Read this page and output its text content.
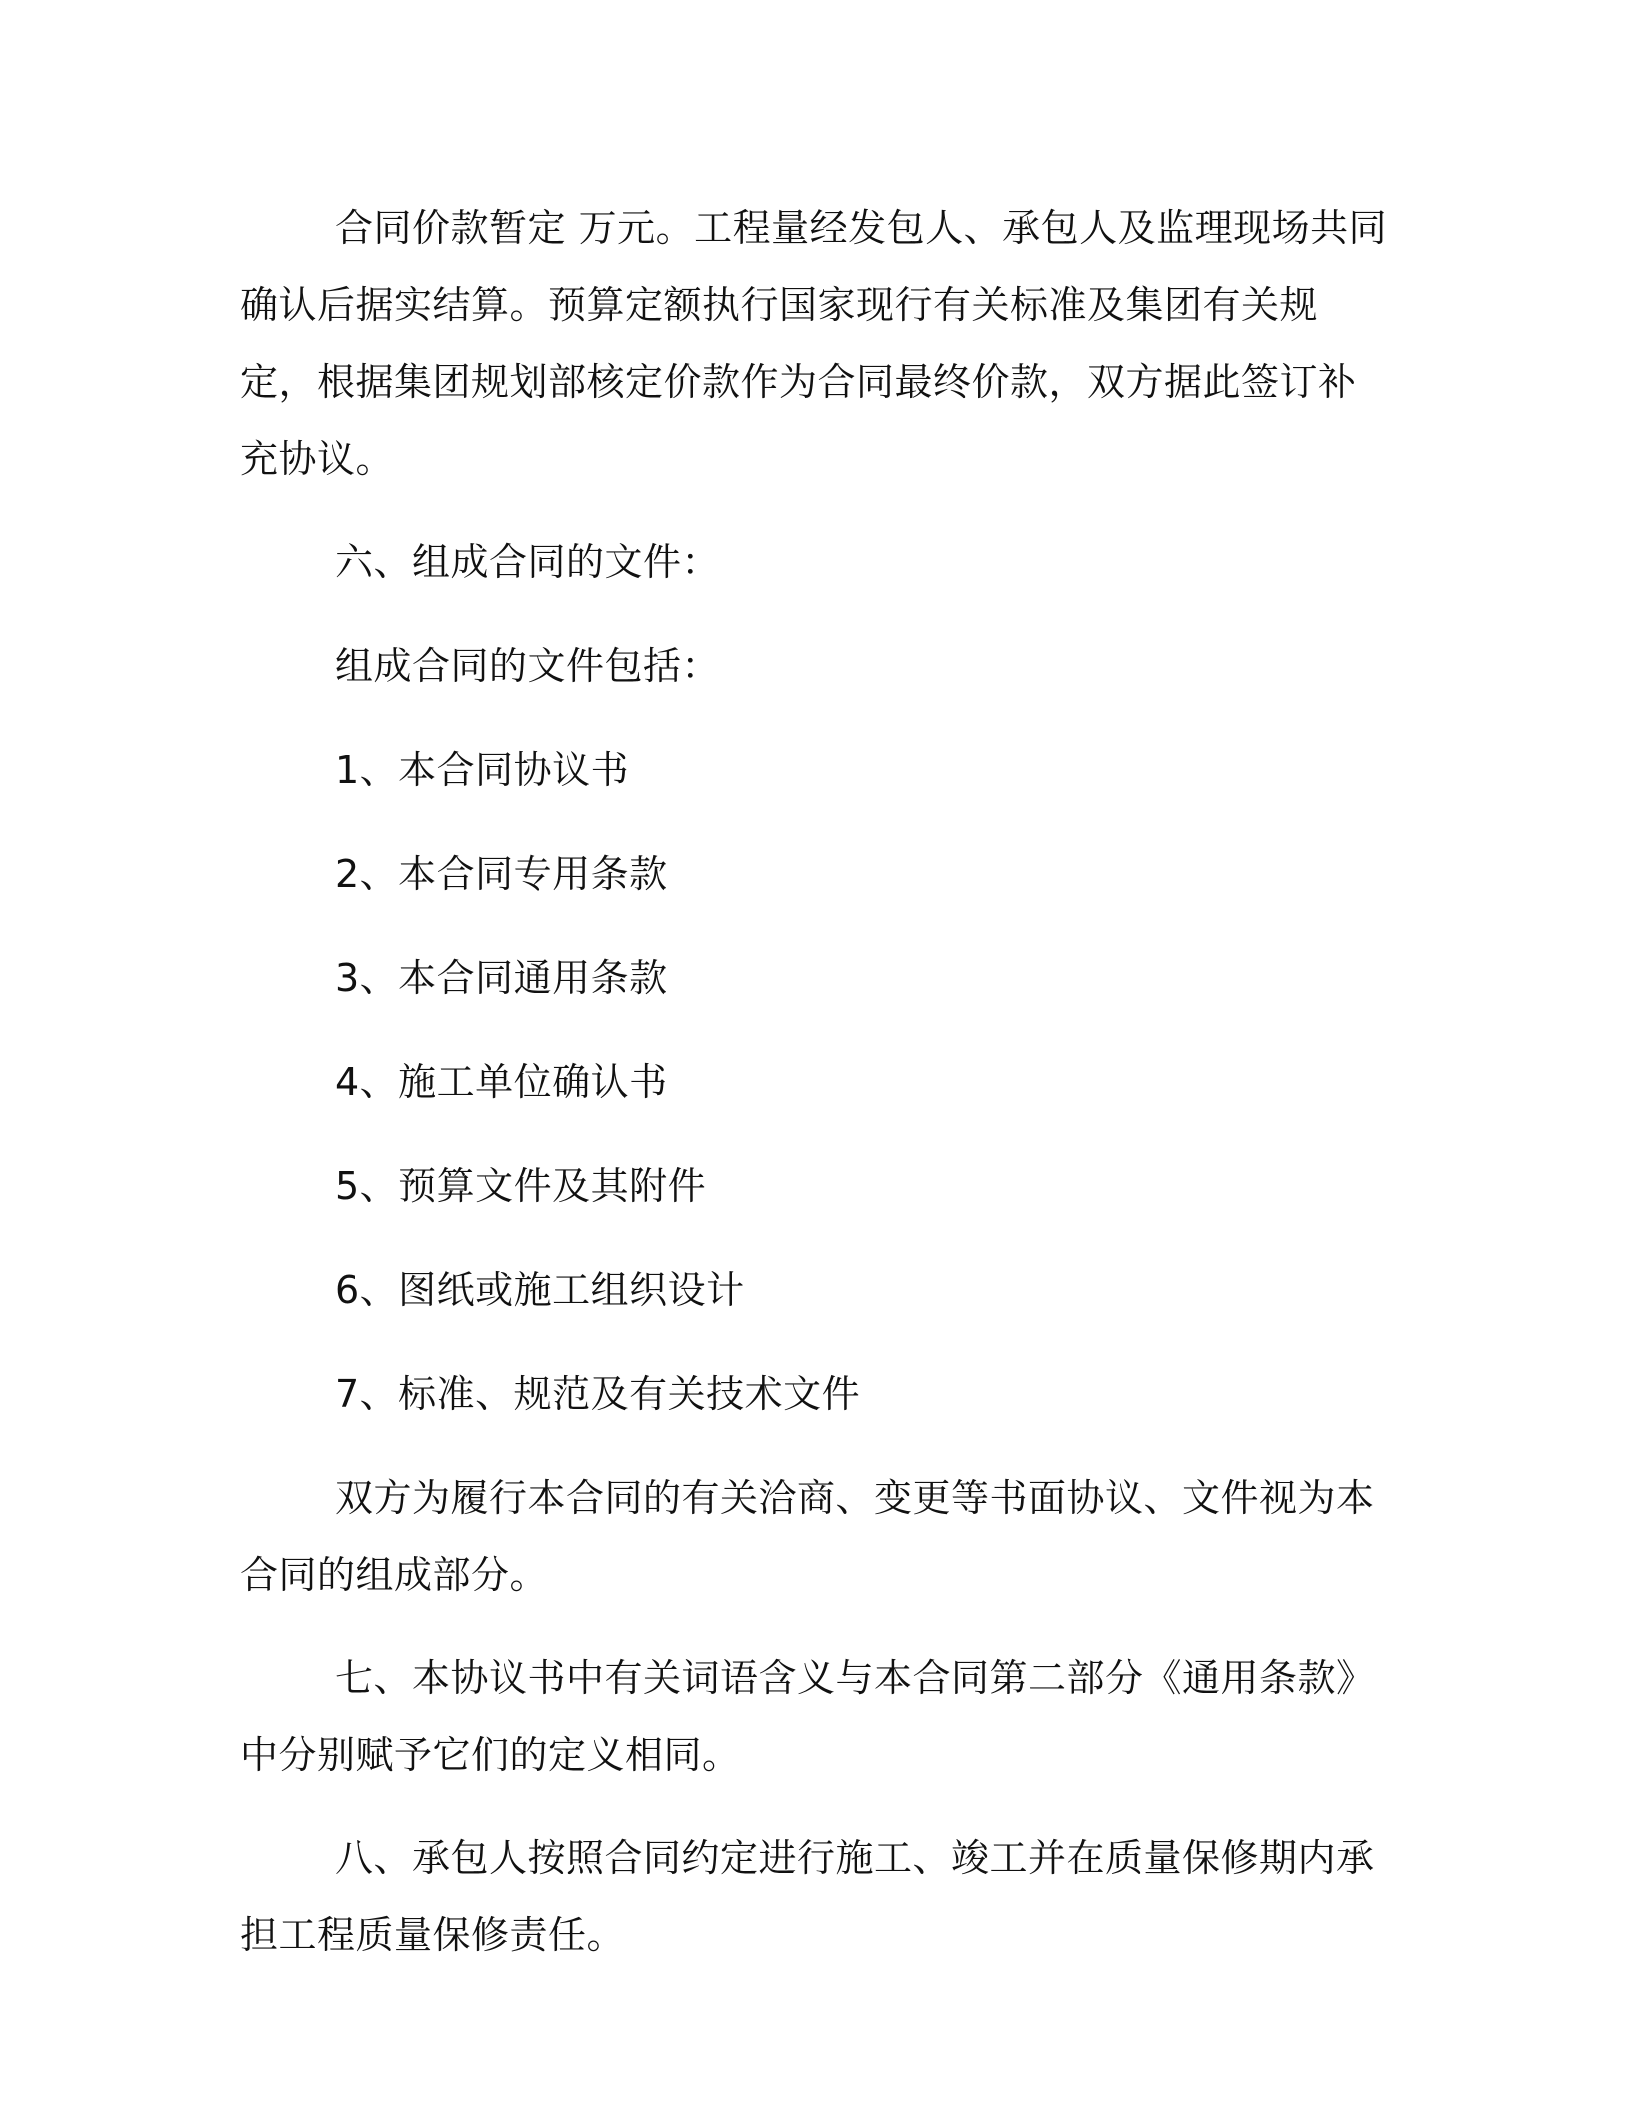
合同价款暂定 万元。工程量经发包人、承包人及监理现场共同确认后据实结算。预算定额执行国家现行有关标准及集团有关规定，根据集团规划部核定价款作为合同最终价款，双方据此签订补充协议。

六、组成合同的文件：

组成合同的文件包括：

1、本合同协议书

2、本合同专用条款

3、本合同通用条款

4、施工单位确认书

5、预算文件及其附件

6、图纸或施工组织设计

7、标准、规范及有关技术文件

双方为履行本合同的有关洽商、变更等书面协议、文件视为本合同的组成部分。

七、本协议书中有关词语含义与本合同第二部分《通用条款》中分别赋予它们的定义相同。

八、承包人按照合同约定进行施工、竣工并在质量保修期内承担工程质量保修责任。
